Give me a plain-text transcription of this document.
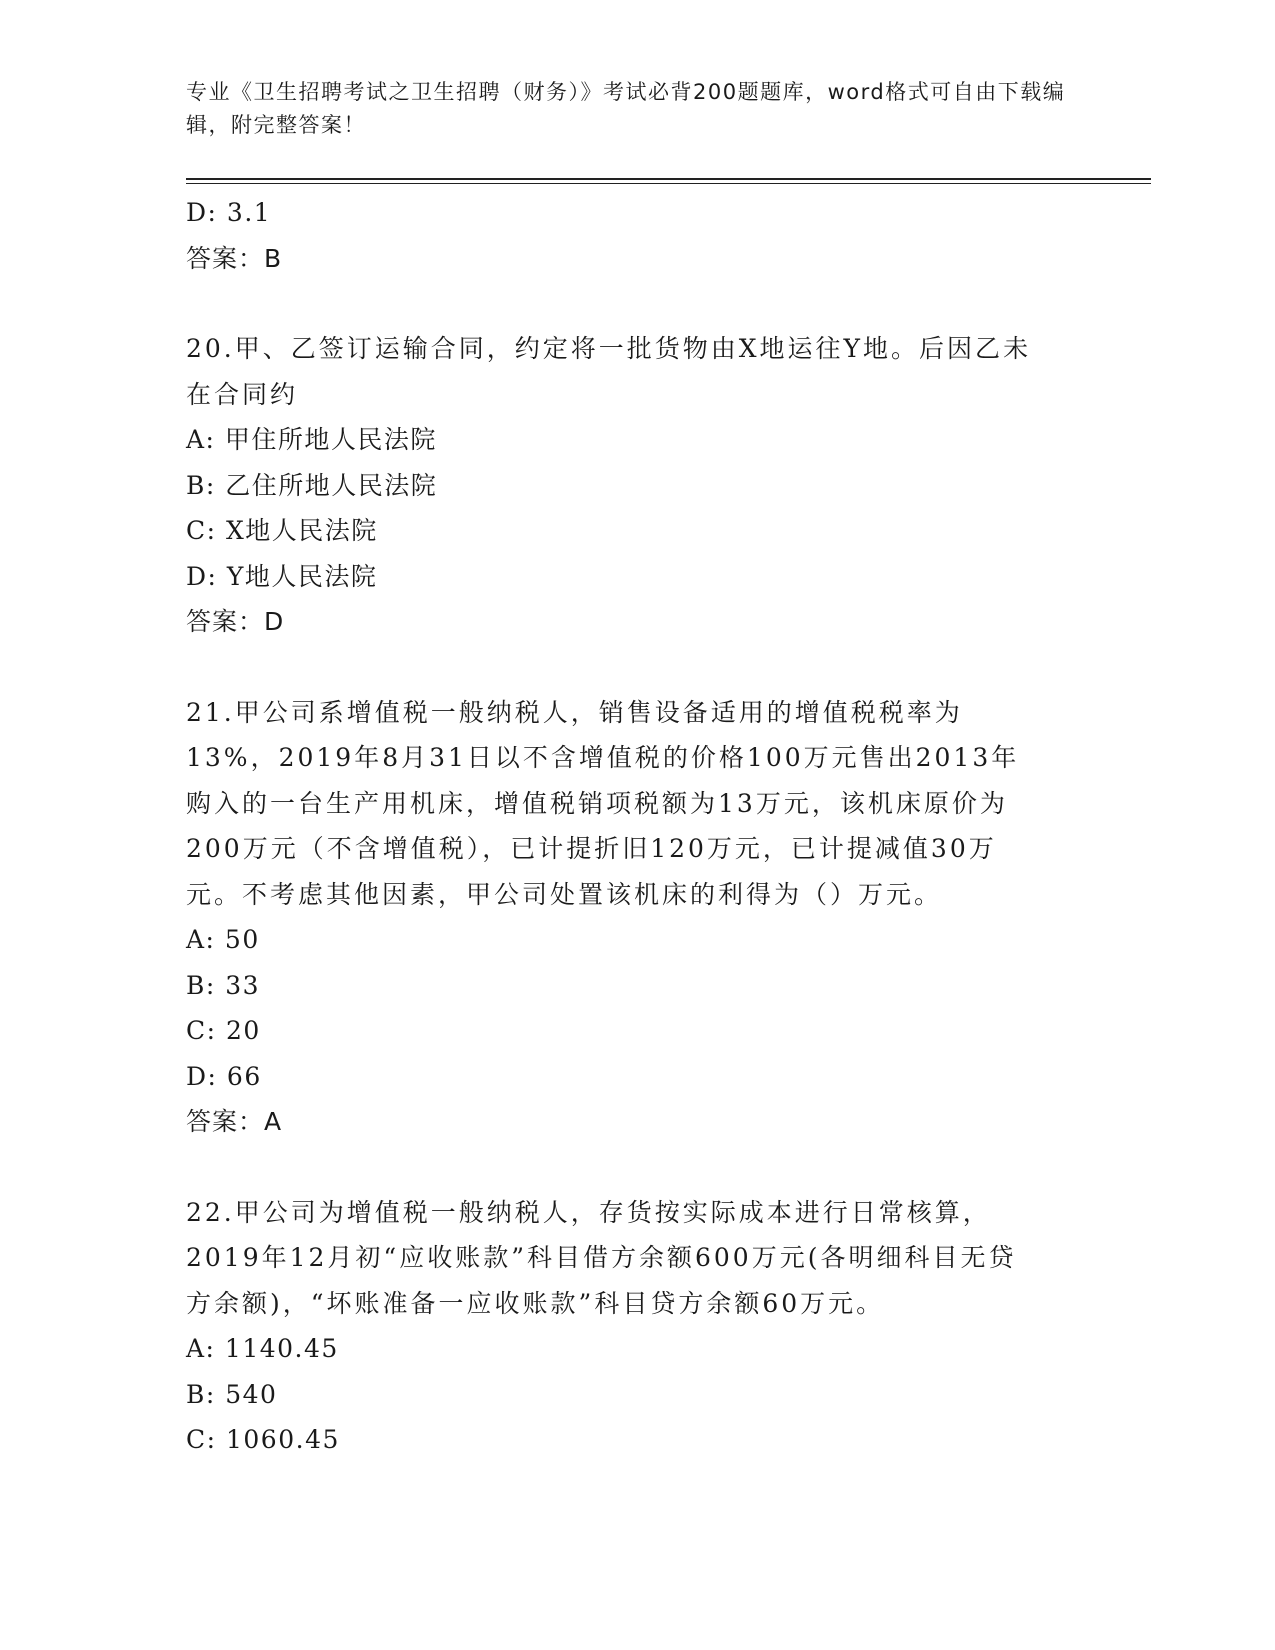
专业《卫生招聘考试之卫生招聘（财务）》考试必背200题题库，word格式可自由下载编辑，附完整答案！
D: 3.1
答案：B
20.甲、乙签订运输合同，约定将一批货物由X地运往Y地。后因乙未在合同约
A: 甲住所地人民法院
B: 乙住所地人民法院
C: X地人民法院
D: Y地人民法院
答案：D
21.甲公司系增值税一般纳税人，销售设备适用的增值税税率为13%，2019年8月31日以不含增值税的价格100万元售出2013年购入的一台生产用机床，增值税销项税额为13万元，该机床原价为200万元（不含增值税），已计提折旧120万元，已计提减值30万元。不考虑其他因素，甲公司处置该机床的利得为（）万元。
A: 50
B: 33
C: 20
D: 66
答案：A
22.甲公司为增值税一般纳税人，存货按实际成本进行日常核算，2019年12月初“应收账款”科目借方余额600万元(各明细科目无贷方余额)，“坏账准备一应收账款”科目贷方余额60万元。
A: 1140.45
B: 540
C: 1060.45
